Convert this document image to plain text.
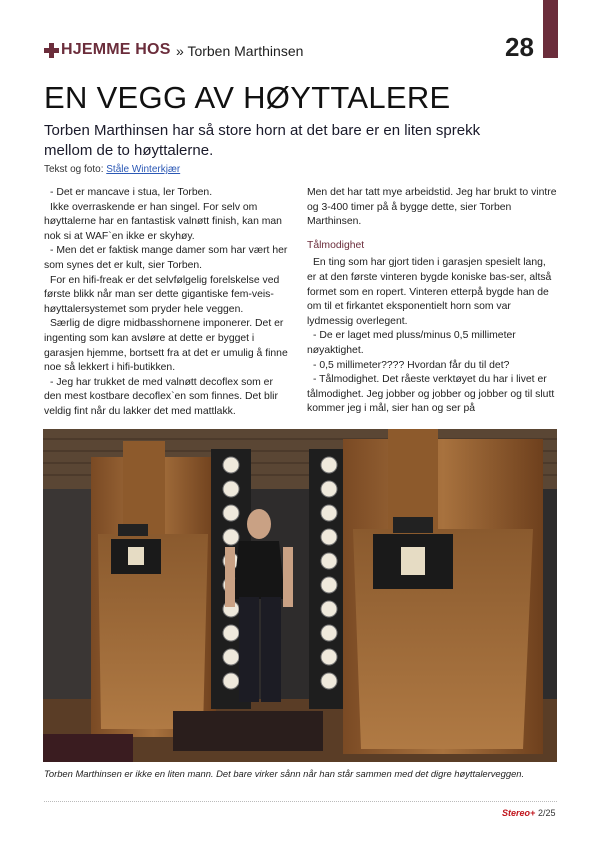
HJEMME HOS » Torben Marthinsen	28
EN VEGG AV HØYTTALERE
Torben Marthinsen har så store horn at det bare er en liten sprekk mellom de to høyttalerne.
Tekst og foto: Ståle Winterkjær

- Det er mancave i stua, ler Torben.

Ikke overraskende er han singel. For selv om høyttalerne har en fantastisk valnøtt finish, kan man nok si at WAF`en ikke er skyhøy.

- Men det er faktisk mange damer som har vært her som synes det er kult, sier Torben.

For en hifi-freak er det selvfølgelig forelskelse ved første blikk når man ser dette gigantiske fem-veis-høyttalersystemet som pryder hele veggen.

Særlig de digre midbasshornene imponerer. Det er ingenting som kan avsløre at dette er bygget i garasjen hjemme, bortsett fra at det er umulig å finne noe så lekkert i hifi-butikken.

- Jeg har trukket de med valnøtt decoflex som er den mest kostbare decoflex`en som finnes. Det blir veldig fint når du lakker det med mattlakk.

Men det har tatt mye arbeidstid. Jeg har brukt to vintre og 3-400 timer på å bygge dette, sier Torben Marthinsen.

Tålmodighet

En ting som har gjort tiden i garasjen spesielt lang, er at den første vinteren bygde koniske bas-ser, altså formet som en ropert. Vinteren etterpå bygde han de om til et firkantet eksponentielt horn som var lydmessig overlegent.

- De er laget med pluss/minus 0,5 millimeter nøyaktighet.

- 0,5 millimeter???? Hvordan får du til det?

- Tålmodighet. Det råeste verktøyet du har i livet er tålmodighet. Jeg jobber og jobber og jobber og til slutt kommer jeg i mål, sier han og ser på

Torben Marthinsen er ikke en liten mann. Det bare virker sånn når han står sammen med det digre høyttalerveggen.
Stereo+ 2/25
